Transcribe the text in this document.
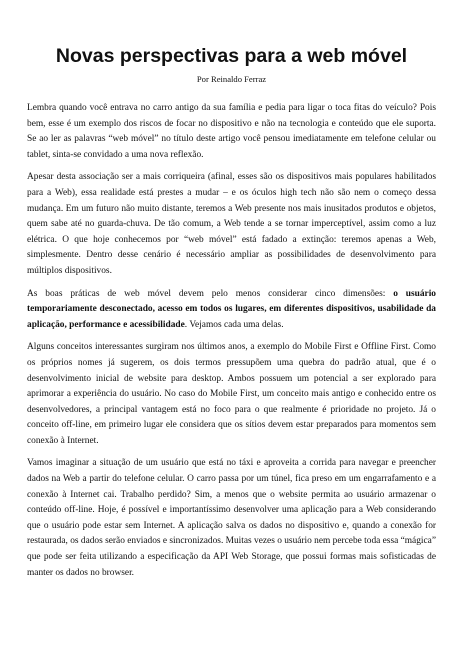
Novas perspectivas para a web móvel

Por Reinaldo Ferraz

Lembra quando você entrava no carro antigo da sua família e pedia para ligar o toca fitas do veículo? Pois bem, esse é um exemplo dos riscos de focar no dispositivo e não na tecnologia e conteúdo que ele suporta. Se ao ler as palavras “web móvel” no título deste artigo você pensou imediatamente em telefone celular ou tablet, sinta-se convidado a uma nova reflexão.

Apesar desta associação ser a mais corriqueira (afinal, esses são os dispositivos mais populares habilitados para a Web), essa realidade está prestes a mudar – e os óculos high tech não são nem o começo dessa mudança. Em um futuro não muito distante, teremos a Web presente nos mais inusitados produtos e objetos, quem sabe até no guarda-chuva. De tão comum, a Web tende a se tornar imperceptível, assim como a luz elétrica. O que hoje conhecemos por “web móvel” está fadado a extinção: teremos apenas a Web, simplesmente. Dentro desse cenário é necessário ampliar as possibilidades de desenvolvimento para múltiplos dispositivos.

As boas práticas de web móvel devem pelo menos considerar cinco dimensões: o usuário temporariamente desconectado, acesso em todos os lugares, em diferentes dispositivos, usabilidade da aplicação, performance e acessibilidade. Vejamos cada uma delas.

Alguns conceitos interessantes surgiram nos últimos anos, a exemplo do Mobile First e Offline First. Como os próprios nomes já sugerem, os dois termos pressupõem uma quebra do padrão atual, que é o desenvolvimento inicial de website para desktop. Ambos possuem um potencial a ser explorado para aprimorar a experiência do usuário. No caso do Mobile First, um conceito mais antigo e conhecido entre os desenvolvedores, a principal vantagem está no foco para o que realmente é prioridade no projeto. Já o conceito off-line, em primeiro lugar ele considera que os sítios devem estar preparados para momentos sem conexão à Internet.

Vamos imaginar a situação de um usuário que está no táxi e aproveita a corrida para navegar e preencher dados na Web a partir do telefone celular. O carro passa por um túnel, fica preso em um engarrafamento e a conexão à Internet cai. Trabalho perdido? Sim, a menos que o website permita ao usuário armazenar o conteúdo off-line. Hoje, é possível e importantíssimo desenvolver uma aplicação para a Web considerando que o usuário pode estar sem Internet. A aplicação salva os dados no dispositivo e, quando a conexão for restaurada, os dados serão enviados e sincronizados. Muitas vezes o usuário nem percebe toda essa “mágica” que pode ser feita utilizando a especificação da API Web Storage, que possui formas mais sofisticadas de manter os dados no browser.
